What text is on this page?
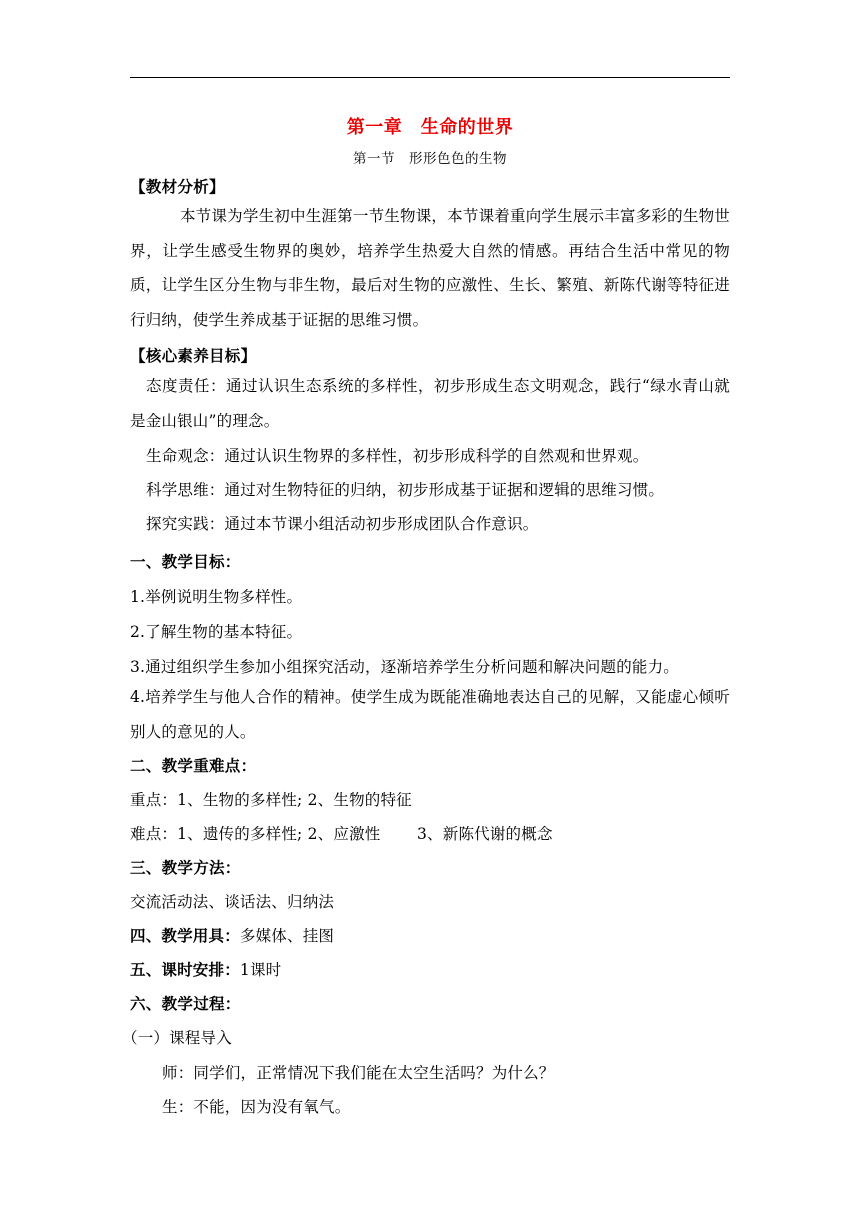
第一章　生命的世界
第一节　形形色色的生物
【教材分析】
本节课为学生初中生涯第一节生物课，本节课着重向学生展示丰富多彩的生物世界，让学生感受生物界的奥妙，培养学生热爱大自然的情感。再结合生活中常见的物质，让学生区分生物与非生物，最后对生物的应激性、生长、繁殖、新陈代谢等特征进行归纳，使学生养成基于证据的思维习惯。
【核心素养目标】
态度责任：通过认识生态系统的多样性，初步形成生态文明观念，践行“绿水青山就是金山银山”的理念。
生命观念：通过认识生物界的多样性，初步形成科学的自然观和世界观。
科学思维：通过对生物特征的归纳，初步形成基于证据和逻辑的思维习惯。
探究实践：通过本节课小组活动初步形成团队合作意识。
一、教学目标：
1.举例说明生物多样性。
2.了解生物的基本特征。
3.通过组织学生参加小组探究活动，逐渐培养学生分析问题和解决问题的能力。
4.培养学生与他人合作的精神。使学生成为既能准确地表达自己的见解，又能虚心倾听别人的意见的人。
二、教学重难点：
重点：1、生物的多样性; 2、生物的特征
难点：1、遗传的多样性; 2、应激性　　 3、新陈代谢的概念
三、教学方法：
交流活动法、谈话法、归纳法
四、教学用具：多媒体、挂图
五、课时安排：1课时
六、教学过程：
（一）课程导入
师：同学们，正常情况下我们能在太空生活吗？为什么？
生：不能，因为没有氧气。
